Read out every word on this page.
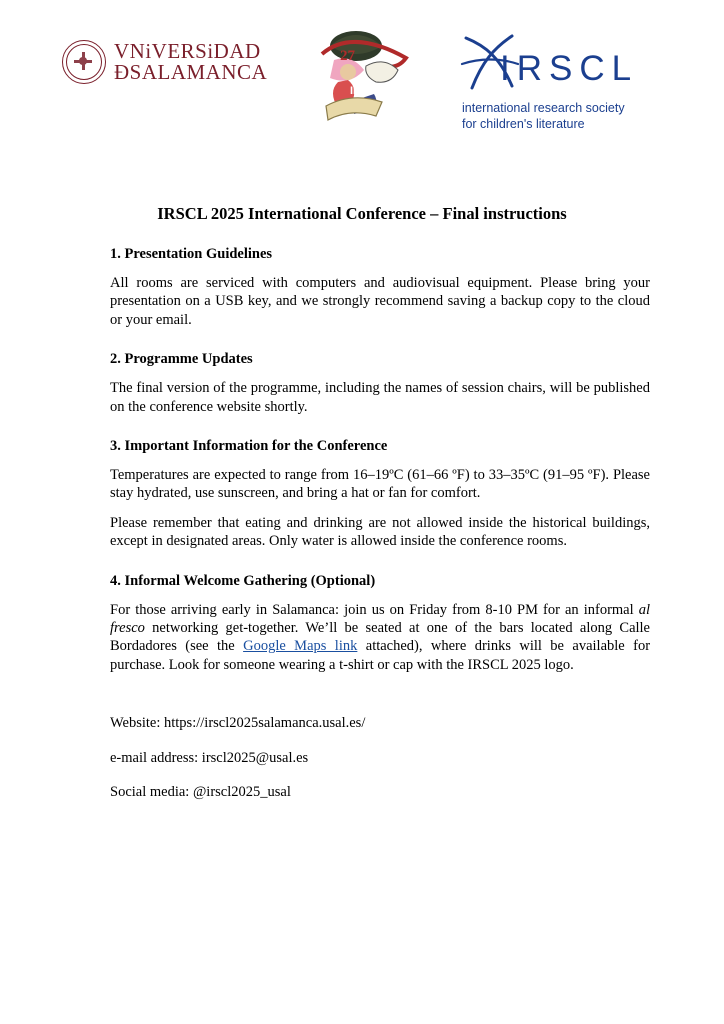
VNiVERSiDAD
ĐSALAMANCA
27
IRSCL
IRSCL
international research society
for children's literature
IRSCL 2025 International Conference – Final instructions
1. Presentation Guidelines

All rooms are serviced with computers and audiovisual equipment. Please bring your presentation on a USB key, and we strongly recommend saving a backup copy to the cloud or your email.

2. Programme Updates

The final version of the programme, including the names of session chairs, will be published on the conference website shortly.

3. Important Information for the Conference

Temperatures are expected to range from 16–19ºC (61–66 ºF) to 33–35ºC (91–95 ºF). Please stay hydrated, use sunscreen, and bring a hat or fan for comfort.

Please remember that eating and drinking are not allowed inside the historical buildings, except in designated areas. Only water is allowed inside the conference rooms.

4. Informal Welcome Gathering (Optional)

For those arriving early in Salamanca: join us on Friday from 8-10 PM for an informal al fresco networking get-together. We’ll be seated at one of the bars located along Calle Bordadores (see the Google Maps link attached), where drinks will be available for purchase. Look for someone wearing a t-shirt or cap with the IRSCL 2025 logo.

Website: https://irscl2025salamanca.usal.es/

e-mail address: irscl2025@usal.es

Social media: @irscl2025_usal
